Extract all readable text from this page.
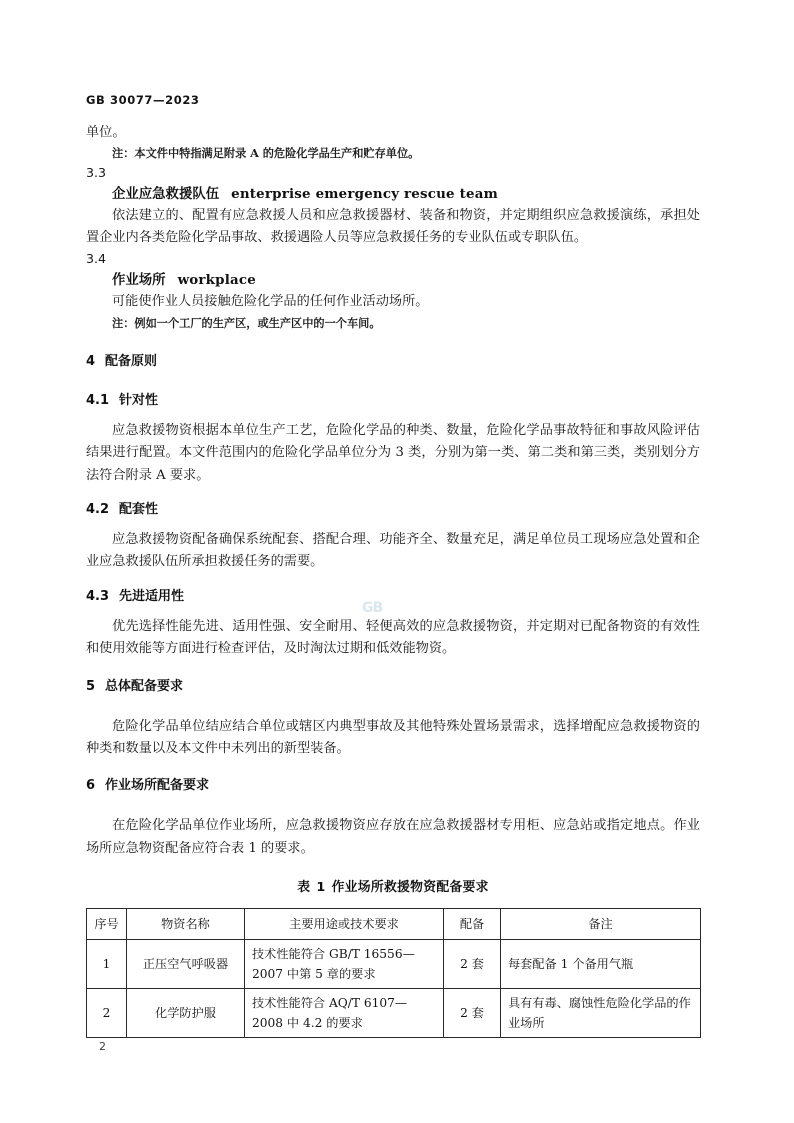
GB 30077—2023
GB

单位。

注：本文件中特指满足附录 A 的危险化学品生产和贮存单位。

3.3

企业应急救援队伍 enterprise emergency rescue team

依法建立的、配置有应急救援人员和应急救援器材、装备和物资，并定期组织应急救援演练，承担处置企业内各类危险化学品事故、救援遇险人员等应急救援任务的专业队伍或专职队伍。

3.4

作业场所 workplace

可能使作业人员接触危险化学品的任何作业活动场所。

注：例如一个工厂的生产区，或生产区中的一个车间。

4 配备原则

4.1 针对性

应急救援物资根据本单位生产工艺，危险化学品的种类、数量，危险化学品事故特征和事故风险评估结果进行配置。本文件范围内的危险化学品单位分为 3 类，分别为第一类、第二类和第三类，类别划分方法符合附录 A 要求。

4.2 配套性

应急救援物资配备确保系统配套、搭配合理、功能齐全、数量充足，满足单位员工现场应急处置和企业应急救援队伍所承担救援任务的需要。

4.3 先进适用性

优先选择性能先进、适用性强、安全耐用、轻便高效的应急救援物资，并定期对已配备物资的有效性和使用效能等方面进行检查评估，及时淘汰过期和低效能物资。

5 总体配备要求

危险化学品单位结应结合单位或辖区内典型事故及其他特殊处置场景需求，选择增配应急救援物资的种类和数量以及本文件中未列出的新型装备。

6 作业场所配备要求

在危险化学品单位作业场所，应急救援物资应存放在应急救援器材专用柜、应急站或指定地点。作业场所应急物资配备应符合表 1 的要求。

表 1 作业场所救援物资配备要求

序号	物资名称	主要用途或技术要求	配备	备注
1	正压空气呼吸器	技术性能符合 GB/T 16556—2007 中第 5 章的要求	2 套	每套配备 1 个备用气瓶
2	化学防护服	技术性能符合 AQ/T 6107—2008 中 4.2 的要求	2 套	具有有毒、腐蚀性危险化学品的作业场所
2
